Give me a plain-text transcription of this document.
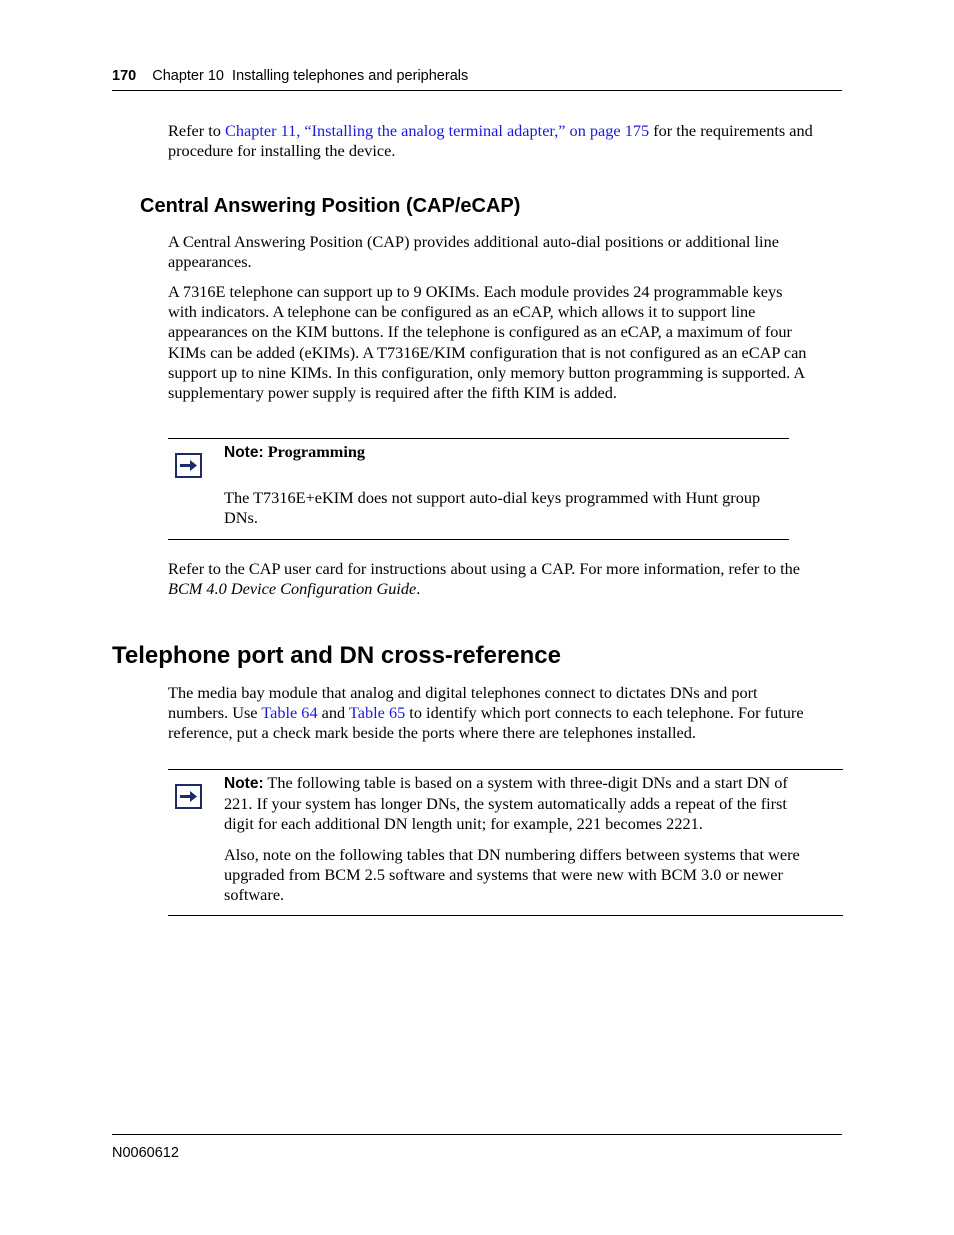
170 Chapter 10  Installing telephones and peripherals
Refer to Chapter 11, “Installing the analog terminal adapter,” on page 175 for the requirements and
procedure for installing the device.
Central Answering Position (CAP/eCAP)
A Central Answering Position (CAP) provides additional auto-dial positions or additional line
appearances.
A 7316E telephone can support up to 9 OKIMs. Each module provides 24 programmable keys
with indicators. A telephone can be configured as an eCAP, which allows it to support line
appearances on the KIM buttons. If the telephone is configured as an eCAP, a maximum of four
KIMs can be added (eKIMs). A T7316E/KIM configuration that is not configured as an eCAP can
support up to nine KIMs. In this configuration, only memory button programming is supported. A
supplementary power supply is required after the fifth KIM is added.
Note: Programming
The T7316E+eKIM does not support auto-dial keys programmed with Hunt group
DNs.
Refer to the CAP user card for instructions about using a CAP. For more information, refer to the
BCM 4.0 Device Configuration Guide.
Telephone port and DN cross-reference
The media bay module that analog and digital telephones connect to dictates DNs and port
numbers. Use Table 64 and Table 65 to identify which port connects to each telephone. For future
reference, put a check mark beside the ports where there are telephones installed.
Note: The following table is based on a system with three-digit DNs and a start DN of
221. If your system has longer DNs, the system automatically adds a repeat of the first
digit for each additional DN length unit; for example, 221 becomes 2221.
Also, note on the following tables that DN numbering differs between systems that were
upgraded from BCM 2.5 software and systems that were new with BCM 3.0 or newer
software.
N0060612
